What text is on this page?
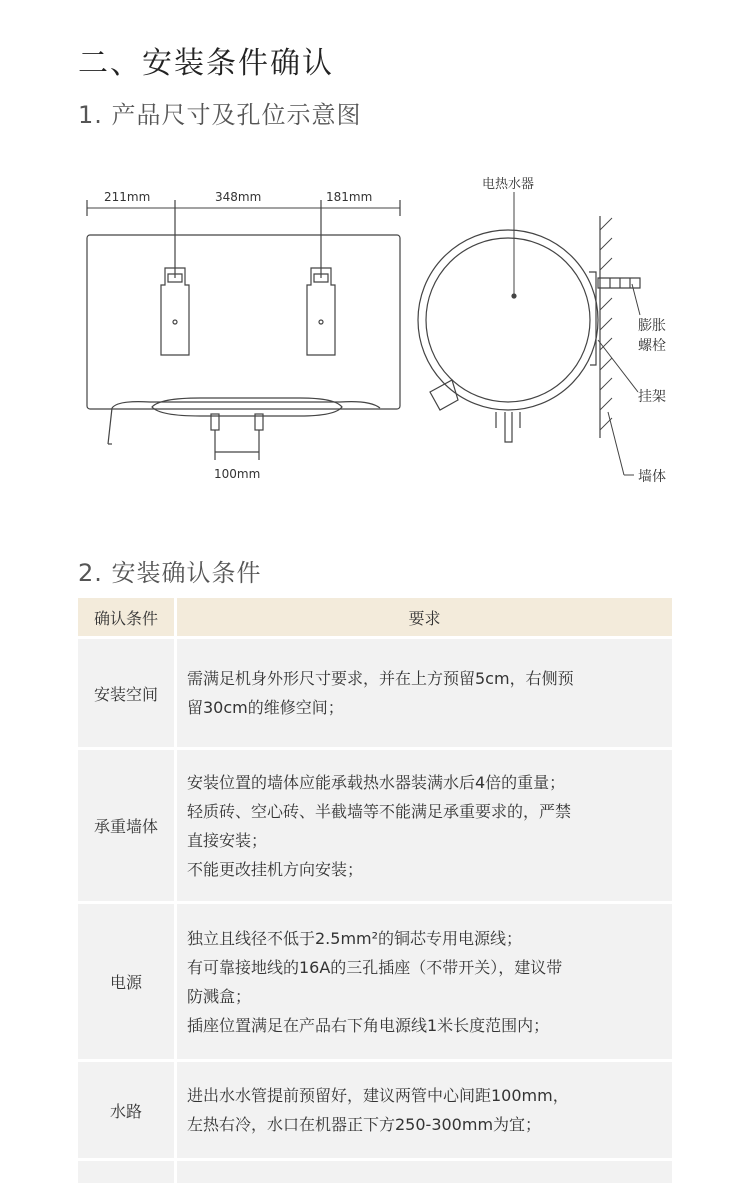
二、安装条件确认
1. 产品尺寸及孔位示意图
211mm	348mm	181mm
100mm
电热水器
膨胀
螺栓
挂架
墙体
2. 安装确认条件
确认条件	要求
安装空间	需满足机身外形尺寸要求，并在上方预留5cm，右侧预
留30cm的维修空间；

承重墙体	安装位置的墙体应能承载热水器装满水后4倍的重量；
轻质砖、空心砖、半截墙等不能满足承重要求的，严禁
直接安装；
不能更改挂机方向安装；

电源	独立且线径不低于2.5mm²的铜芯专用电源线；
有可靠接地线的16A的三孔插座（不带开关），建议带
防溅盒；
插座位置满足在产品右下角电源线1米长度范围内；

水路	进出水水管提前预留好，建议两管中心间距100mm，
左热右冷，水口在机器正下方250-300mm为宜；
